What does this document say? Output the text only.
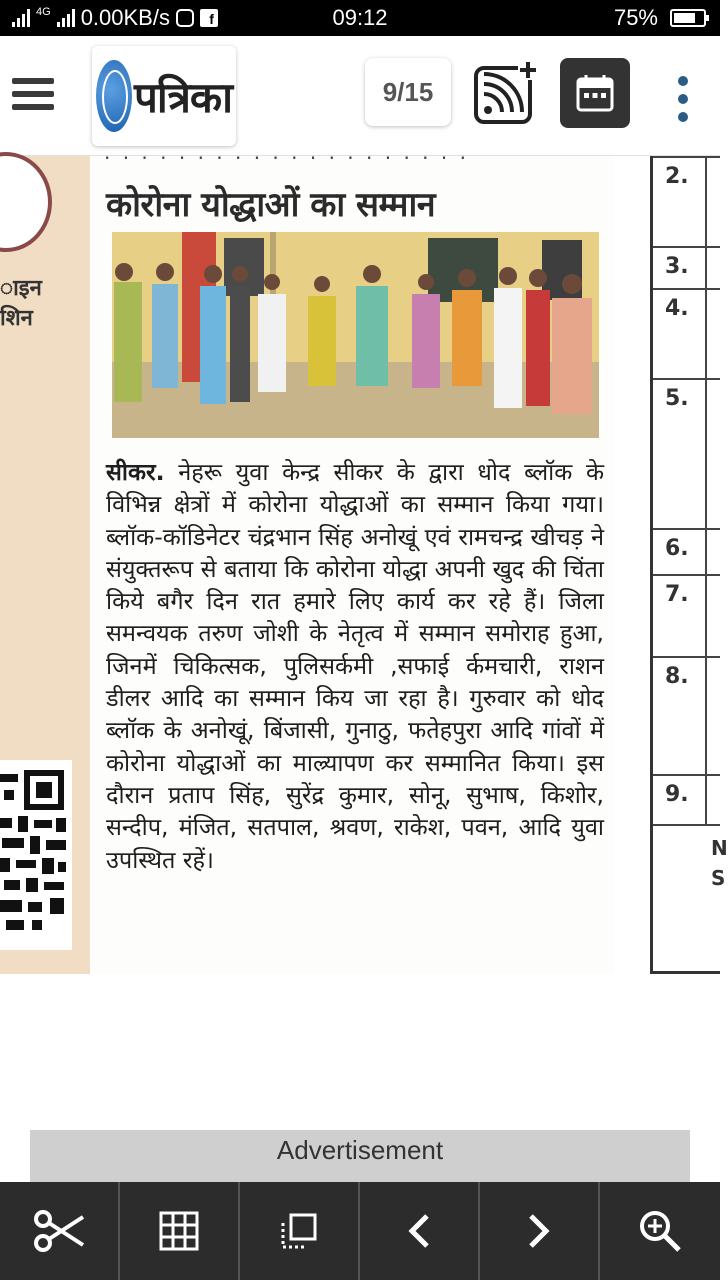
4G 0.00KB/s	f	09:12	75%
पत्रिका	9/15
ाइन
शिन
· · · · · · · · · · · · · · · · · · · ·
कोरोना योद्धाओं का सम्मान
सीकर. नेहरू युवा केन्द्र सीकर के द्वारा धोद ब्लॉक के विभिन्न क्षेत्रों में कोरोना योद्धाओं का सम्मान किया गया। ब्लॉक-कॉडिनेटर चंद्रभान सिंह अनोखूं एवं रामचन्द्र खीचड़ ने संयुक्तरूप से बताया कि कोरोना योद्धा अपनी खुद की चिंता किये बगैर दिन रात हमारे लिए कार्य कर रहे हैं। जिला समन्वयक तरुण जोशी के नेतृत्व में सम्मान समोराह हुआ, जिनमें चिकित्सक, पुलिसर्कमी ,सफाई र्कमचारी, राशन डीलर आदि का सम्मान किय जा रहा है। गुरुवार को धोद ब्लॉक के अनोखूं, बिंजासी, गुनाठु, फतेहपुरा आदि गांवों में कोरोना योद्धाओं का माल्र्यापण कर सम्मानित किया। इस दौरान प्रताप सिंह, सुरेंद्र कुमार, सोनू, सुभाष, किशोर, सन्दीप, मंजित, सतपाल, श्रवण, राकेश, पवन, आदि युवा उपस्थित रहें।
2.
3.
4.
5.
6.
7.
8.
9.
N
S
Advertisement
